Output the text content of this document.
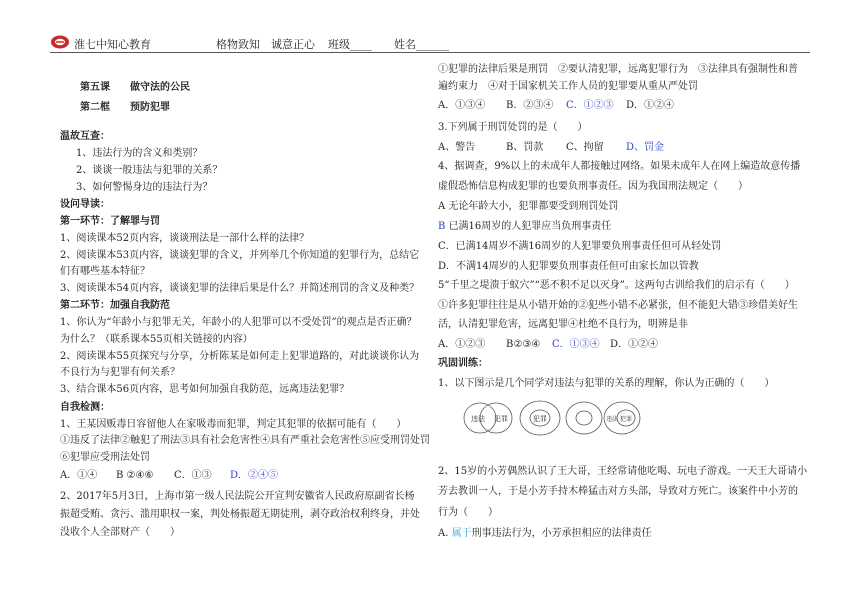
淮七中知心教育	格物致知　诚意正心 班级____ 姓名______
第五课　　做守法的公民
第二框　　预防犯罪
温故互查：
1、违法行为的含义和类别？
2、谈谈一般违法与犯罪的关系？
3、如何警惕身边的违法行为？
设问导读：
第一环节：了解罪与罚
1、阅读课本52页内容，谈谈刑法是一部什么样的法律？
2、阅读课本53页内容，谈谈犯罪的含义，并列举几个你知道的犯罪行为，总结它
们有哪些基本特征？
3、阅读课本54页内容，谈谈犯罪的法律后果是什么？并简述刑罚的含义及种类？
第二环节：加强自我防范
1、你认为“年龄小与犯罪无关，年龄小的人犯罪可以不受处罚”的观点是否正确？
为什么？（联系课本55页相关链接的内容）
2、阅读课本55页探究与分享，分析陈某是如何走上犯罪道路的，对此谈谈你认为
不良行为与犯罪有何关系？
3、结合课本56页内容，思考如何加强自我防范，远离违法犯罪？
自我检测：
1、王某因贩毒日容留他人在家吸毒而犯罪，判定其犯罪的依据可能有（　　）
①违反了法律②触犯了刑法③具有社会危害性④具有严重社会危害性⑤应受刑罚处罚
⑥犯罪应受刑法处罚
A．①④ B ②④⑥ C．①③ D．②④⑤
2、2017年5月3日，上海市第一级人民法院公开宣判安徽省人民政府原副省长杨
振超受贿、贪污、滥用职权一案，判处杨振超无期徒刑，剥夺政治权利终身，并处
没收个人全部财产（　　）
①犯罪的法律后果是刑罚　②要认清犯罪，远离犯罪行为　③法律具有强制性和普
遍约束力　④对于国家机关工作人员的犯罪要从重从严处罚
A．①③④ B．②③④ C．①②③ D．①②④
3.下列属于刑罚处罚的是（　　）
A、警告	B、罚款 C、拘留 D、罚金
4、据调查，9%以上的未成年人都接触过网络。如果未成年人在网上编造故意传播
虚假恐怖信息构成犯罪的也要负刑事责任。因为我国刑法规定（　　）
A 无论年龄大小，犯罪都要受到刑罚处罚
B 已满16周岁的人犯罪应当负刑事责任
C．已满14周岁不满16周岁的人犯罪要负刑事责任但可从轻处罚
D．不满14周岁的人犯罪要负刑事责任但可由家长加以管教
5“千里之堤溃于蚁穴”“恶不积不足以灭身”。这两句古训给我们的启示有（　　）
①许多犯罪往往是从小错开始的②犯些小错不必紧张，但不能犯大错③珍借美好生
活，认清犯罪危害，远离犯罪④杜绝不良行为，明辨是非
A．①②③ B②③④ C．①③④ D．①②④
巩固训练：
1、以下图示是几个同学对违法与犯罪的关系的理解，你认为正确的（　　）
违法 犯罪	犯罪	违法 犯罪
2、15岁的小芳偶然认识了王大哥，王经常请他吃喝、玩电子游戏。一天王大哥请小
芳去教训一人，于是小芳手持木棒猛击对方头部，导致对方死亡。该案件中小芳的
行为（　　）
A. 属于刑事违法行为，小芳承担相应的法律责任
